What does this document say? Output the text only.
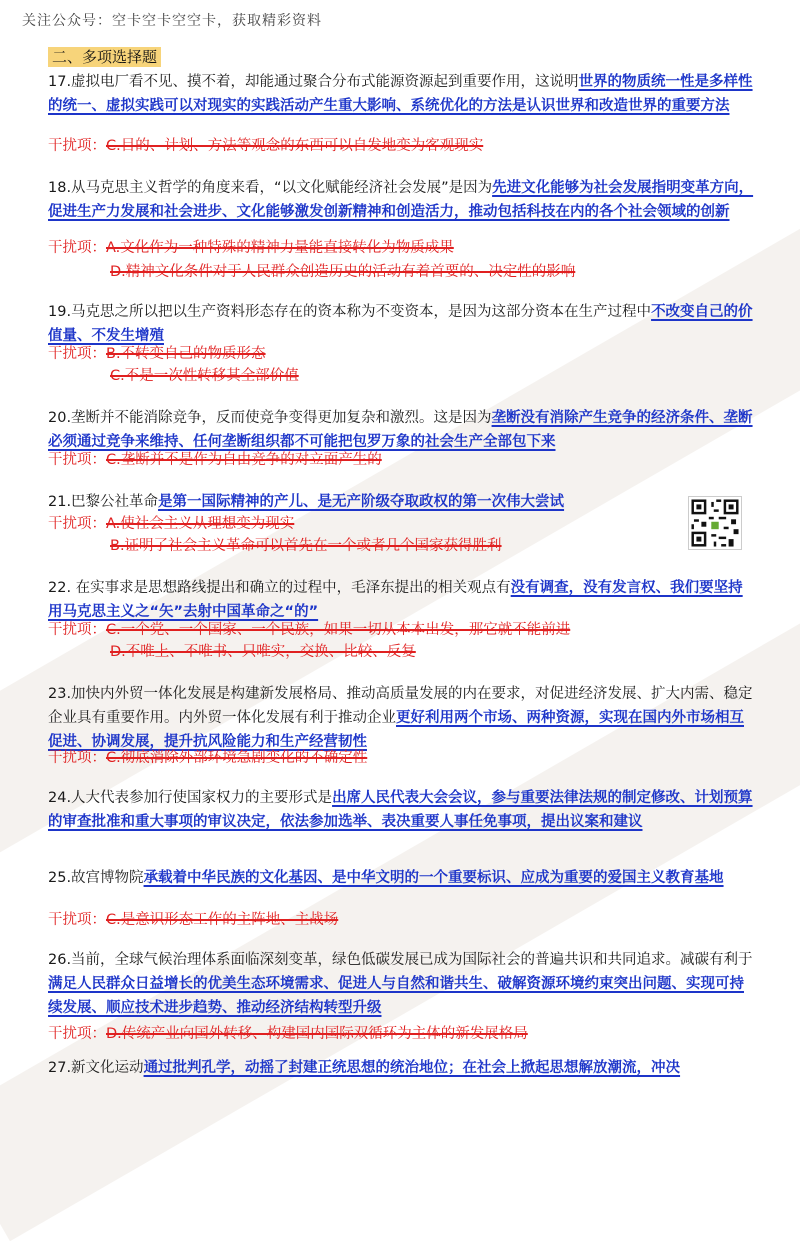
关注公众号：空卡空卡空空卡，获取精彩资料
二、多项选择题
17.虚拟电厂看不见、摸不着，却能通过聚合分布式能源资源起到重要作用，这说明世界的物质统一性是多样性的统一、虚拟实践可以对现实的实践活动产生重大影响、系统优化的方法是认识世界和改造世界的重要方法
干扰项：C.目的、计划、方法等观念的东西可以自发地变为客观现实
18.从马克思主义哲学的角度来看，“以文化赋能经济社会发展”是因为先进文化能够为社会发展指明变革方向，促进生产力发展和社会进步、文化能够激发创新精神和创造活力，推动包括科技在内的各个社会领域的创新
干扰项：A.文化作为一种特殊的精神力量能直接转化为物质成果
D.精神文化条件对于人民群众创造历史的活动有着首要的、决定性的影响
19.马克思之所以把以生产资料形态存在的资本称为不变资本，是因为这部分资本在生产过程中不改变自己的价值量、不发生增殖
干扰项：B.不转变自己的物质形态
C.不是一次性转移其全部价值
20.垄断并不能消除竞争，反而使竞争变得更加复杂和激烈。这是因为垄断没有消除产生竞争的经济条件、垄断必须通过竞争来维持、任何垄断组织都不可能把包罗万象的社会生产全部包下来
干扰项：C.垄断并不是作为自由竞争的对立面产生的
21.巴黎公社革命是第一国际精神的产儿、是无产阶级夺取政权的第一次伟大尝试
干扰项：A.使社会主义从理想变为现实
B.证明了社会主义革命可以首先在一个或者几个国家获得胜利
22. 在实事求是思想路线提出和确立的过程中，毛泽东提出的相关观点有没有调查，没有发言权、我们要坚持用马克思主义之“矢”去射中国革命之“的”
干扰项：C.一个党、一个国家、一个民族，如果一切从本本出发，那它就不能前进
D.不唯上、不唯书、只唯实，交换、比较、反复
23.加快内外贸一体化发展是构建新发展格局、推动高质量发展的内在要求，对促进经济发展、扩大内需、稳定企业具有重要作用。内外贸一体化发展有利于推动企业更好利用两个市场、两种资源，实现在国内外市场相互促进、协调发展，提升抗风险能力和生产经营韧性
干扰项：C.彻底消除外部环境急剧变化的不确定性
24.人大代表参加行使国家权力的主要形式是出席人民代表大会会议，参与重要法律法规的制定修改、计划预算的审查批准和重大事项的审议决定，依法参加选举、表决重要人事任免事项，提出议案和建议
25.故宫博物院承载着中华民族的文化基因、是中华文明的一个重要标识、应成为重要的爱国主义教育基地
干扰项：C.是意识形态工作的主阵地、主战场
26.当前，全球气候治理体系面临深刻变革，绿色低碳发展已成为国际社会的普遍共识和共同追求。减碳有利于满足人民群众日益增长的优美生态环境需求、促进人与自然和谐共生、破解资源环境约束突出问题、实现可持续发展、顺应技术进步趋势、推动经济结构转型升级
干扰项：D.传统产业向国外转移、构建国内国际双循环为主体的新发展格局
27.新文化运动通过批判孔学，动摇了封建正统思想的统治地位；在社会上掀起思想解放潮流，冲决
